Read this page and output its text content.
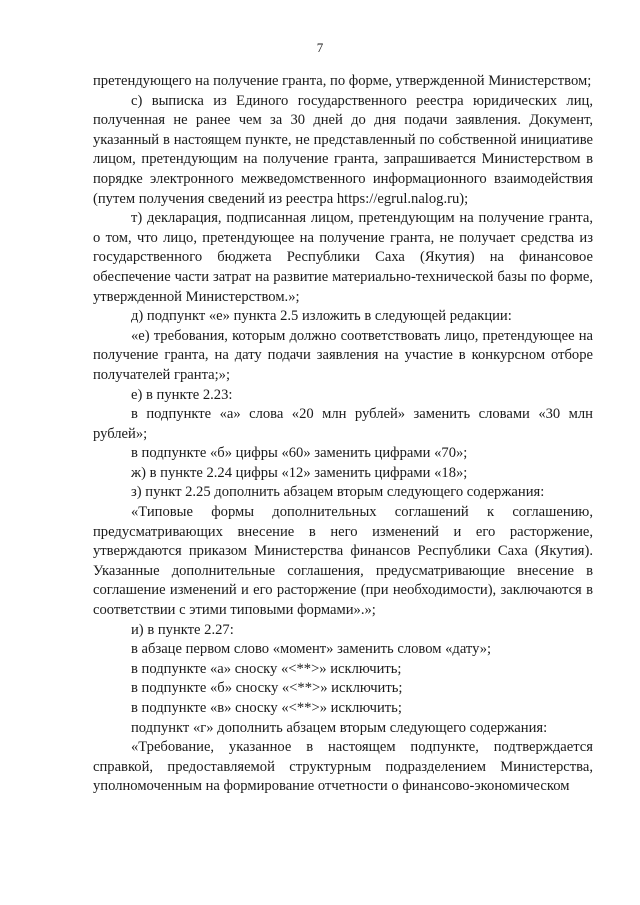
7

претендующего на получение гранта, по форме, утвержденной Министерством;

с) выписка из Единого государственного реестра юридических лиц, полученная не ранее чем за 30 дней до дня подачи заявления. Документ, указанный в настоящем пункте, не представленный по собственной инициативе лицом, претендующим на получение гранта, запрашивается Министерством в порядке электронного межведомственного информационного взаимодействия (путем получения сведений из реестра https://egrul.nalog.ru);

т) декларация, подписанная лицом, претендующим на получение гранта, о том, что лицо, претендующее на получение гранта, не получает средства из государственного бюджета Республики Саха (Якутия) на финансовое обеспечение части затрат на развитие материально-технической базы по форме, утвержденной Министерством.»;

д) подпункт «е» пункта 2.5 изложить в следующей редакции:

«е) требования, которым должно соответствовать лицо, претендующее на получение гранта, на дату подачи заявления на участие в конкурсном отборе получателей гранта;»;

е) в пункте 2.23:

в подпункте «а» слова «20 млн рублей» заменить словами «30 млн рублей»;

в подпункте «б» цифры «60» заменить цифрами «70»;

ж) в пункте 2.24 цифры «12» заменить цифрами «18»;

з) пункт 2.25 дополнить абзацем вторым следующего содержания:

«Типовые формы дополнительных соглашений к соглашению, предусматривающих внесение в него изменений и его расторжение, утверждаются приказом Министерства финансов Республики Саха (Якутия). Указанные дополнительные соглашения, предусматривающие внесение в соглашение изменений и его расторжение (при необходимости), заключаются в соответствии с этими типовыми формами».»;

и) в пункте 2.27:

в абзаце первом слово «момент» заменить словом «дату»;

в подпункте «а» сноску «<**>» исключить;

в подпункте «б» сноску «<**>» исключить;

в подпункте «в» сноску «<**>» исключить;

подпункт «г» дополнить абзацем вторым следующего содержания:

«Требование, указанное в настоящем подпункте, подтверждается справкой, предоставляемой структурным подразделением Министерства, уполномоченным на формирование отчетности о финансово-экономическом
